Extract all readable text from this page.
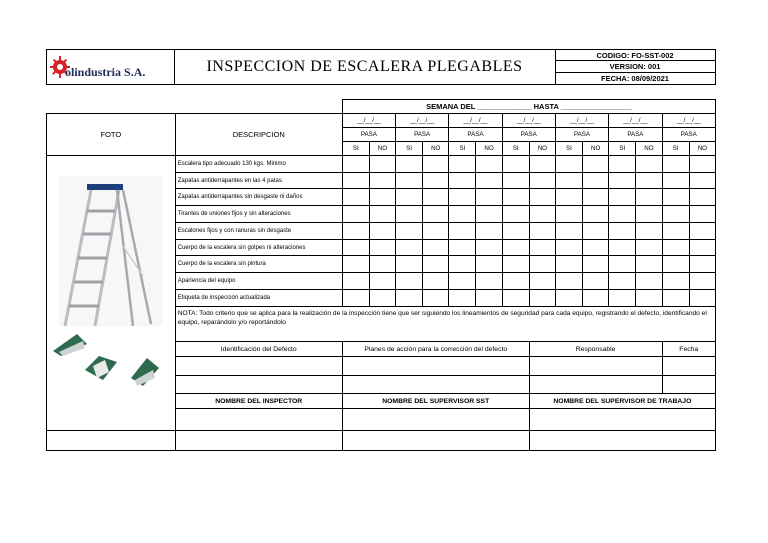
olindustria S.A.	INSPECCION DE ESCALERA PLEGABLES
CODIGO: FO-SST-002
VERSION: 001
FECHA: 08/09/2021
		SEMANA DEL _____________ HASTA _________________													
FOTO	DESCRIPCION	__/__/__		__/__/__		__/__/__		__/__/__		__/__/__		__/__/__		__/__/__	
		PASA		PASA		PASA		PASA		PASA		PASA		PASA	
		SI	NO	SI	NO	SI	NO	SI	NO	SI	NO	SI	NO	SI	NO
	Escalera tipo adecuado 130 kgs. Minimo														
	Zapatas antiderrapantes en las 4 patas														
	Zapatas antiderrapantes sin desgaste ni daños														
	Tirantes de uniones fijos y sin alteraciones														
	Escalones fijos y con ranuras sin desgaste														
	Cuerpo de la escalera sin golpes ni alteraciones														
	Cuerpo de la escalera sin pintura														
	Apariencia del equipo														
	Etiqueta de inspección actualizada														
	NOTA: Todo criterio que se aplica para la realización de la inspección tiene que ser siguiendo los lineamientos de seguridad para cada equipo, registrando el defecto, identificando el equipo, reparándolo y/o reportándolo														
	Identificación del Defecto	Planes de acción para la corrección del defecto							Responsable					Fecha	

	NOMBRE DEL INSPECTOR	NOMBRE DEL SUPERVISOR SST							NOMBRE DEL SUPERVISOR DE TRABAJO						
